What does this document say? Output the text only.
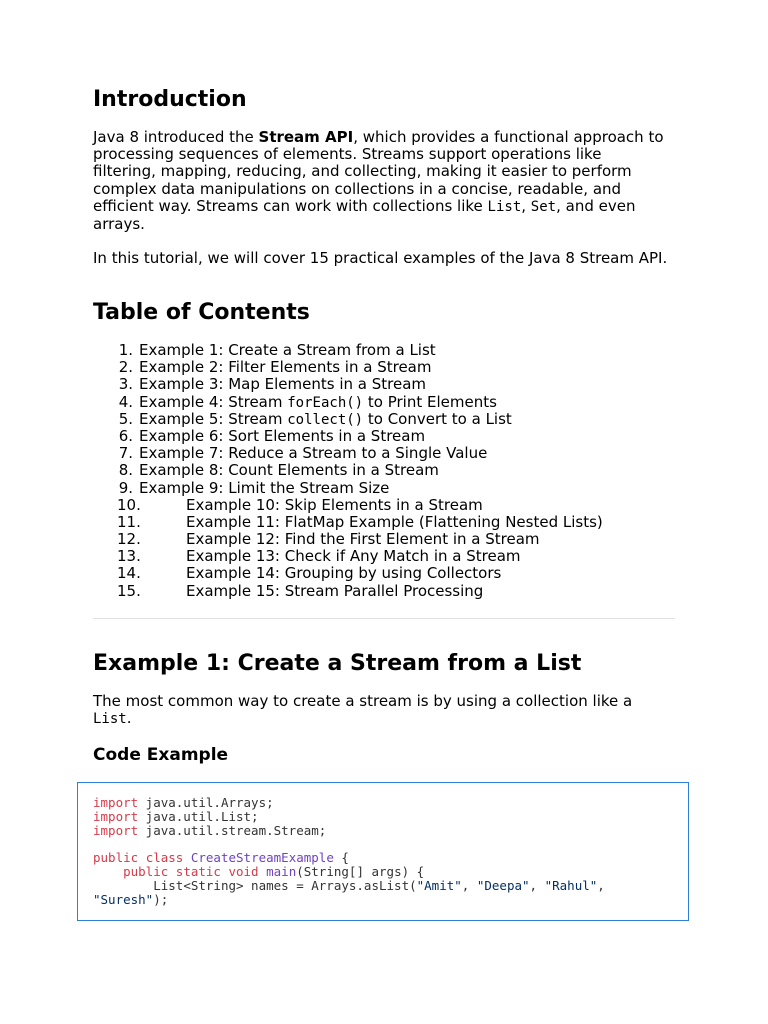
Introduction

Java 8 introduced the Stream API, which provides a functional approach to processing sequences of elements. Streams support operations like filtering, mapping, reducing, and collecting, making it easier to perform complex data manipulations on collections in a concise, readable, and efficient way. Streams can work with collections like List, Set, and even arrays.

In this tutorial, we will cover 15 practical examples of the Java 8 Stream API.

Table of Contents
1. Example 1: Create a Stream from a List
2. Example 2: Filter Elements in a Stream
3. Example 3: Map Elements in a Stream
4. Example 4: Stream forEach() to Print Elements
5. Example 5: Stream collect() to Convert to a List
6. Example 6: Sort Elements in a Stream
7. Example 7: Reduce a Stream to a Single Value
8. Example 8: Count Elements in a Stream
9. Example 9: Limit the Stream Size
10.	Example 10: Skip Elements in a Stream
11.	Example 11: FlatMap Example (Flattening Nested Lists)
12.	Example 12: Find the First Element in a Stream
13.	Example 13: Check if Any Match in a Stream
14.	Example 14: Grouping by using Collectors
15.	Example 15: Stream Parallel Processing
Example 1: Create a Stream from a List

The most common way to create a stream is by using a collection like a List.

Code Example
import java.util.Arrays;
import java.util.List;
import java.util.stream.Stream;

public class CreateStreamExample {
public static void main(String[] args) {
List<String> names = Arrays.asList("Amit", "Deepa", "Rahul",
"Suresh");
